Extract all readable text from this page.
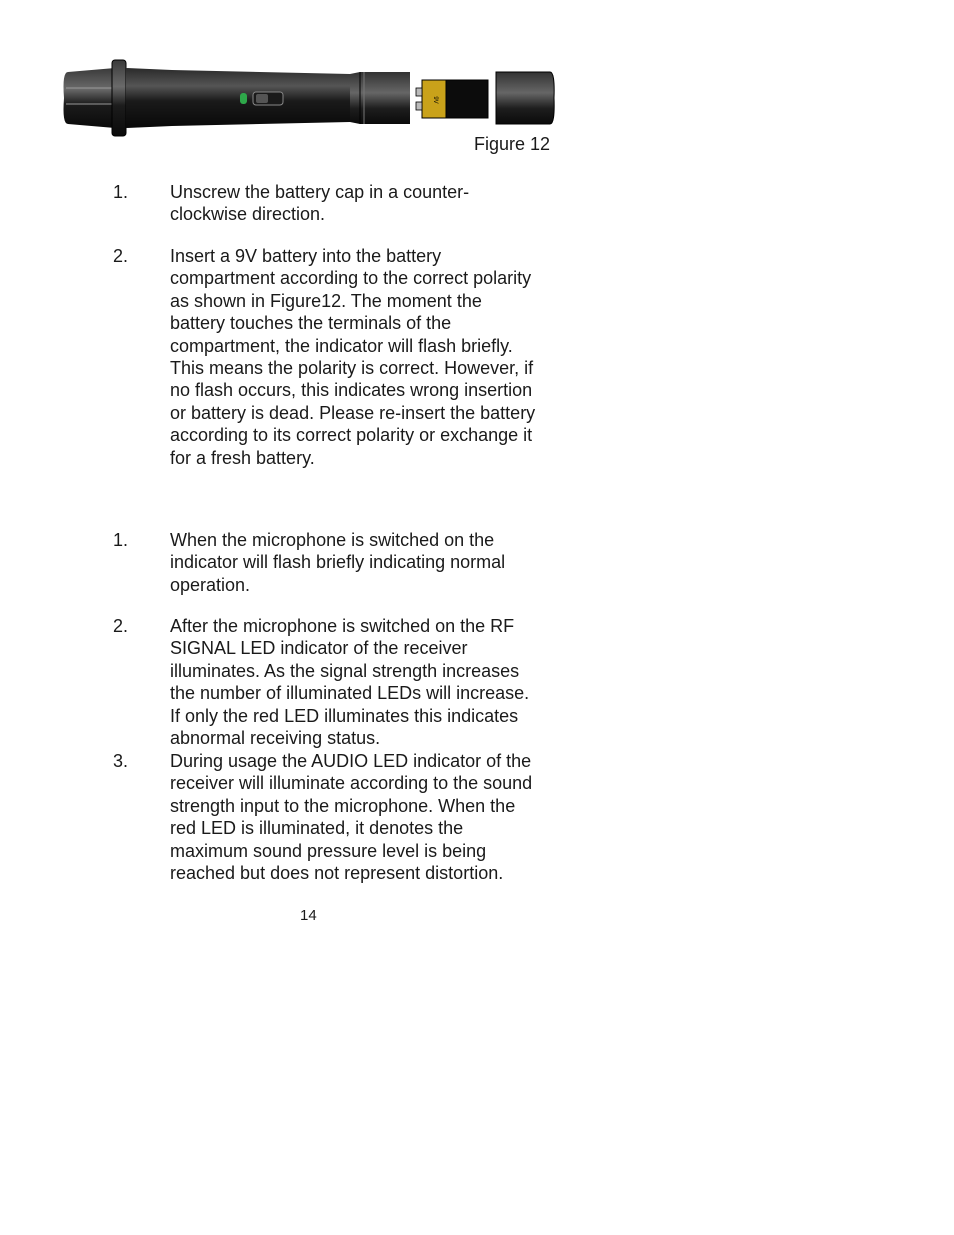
9V
Figure 12
1. Unscrew the battery cap in a counter-
clockwise direction.
2. Insert a 9V battery into the battery
compartment according to the correct polarity
as shown in Figure12. The moment the
battery touches the terminals of the
compartment, the indicator will flash briefly.
This means the polarity is correct. However, if
no flash occurs, this indicates wrong insertion
or battery is dead. Please re-insert the battery
according to its correct polarity or exchange it
for a fresh battery.
1. When the microphone is switched on the
indicator will flash briefly indicating normal
operation.
2. After the microphone is switched on the RF
SIGNAL LED indicator of the receiver
illuminates. As the signal strength increases
the number of illuminated LEDs will increase.
If only the red LED illuminates this indicates
abnormal receiving status.
3. During usage the AUDIO LED indicator of the
receiver will illuminate according to the sound
strength input to the microphone. When the
red LED is illuminated, it denotes the
maximum sound pressure level is being
reached but does not represent distortion.
14
